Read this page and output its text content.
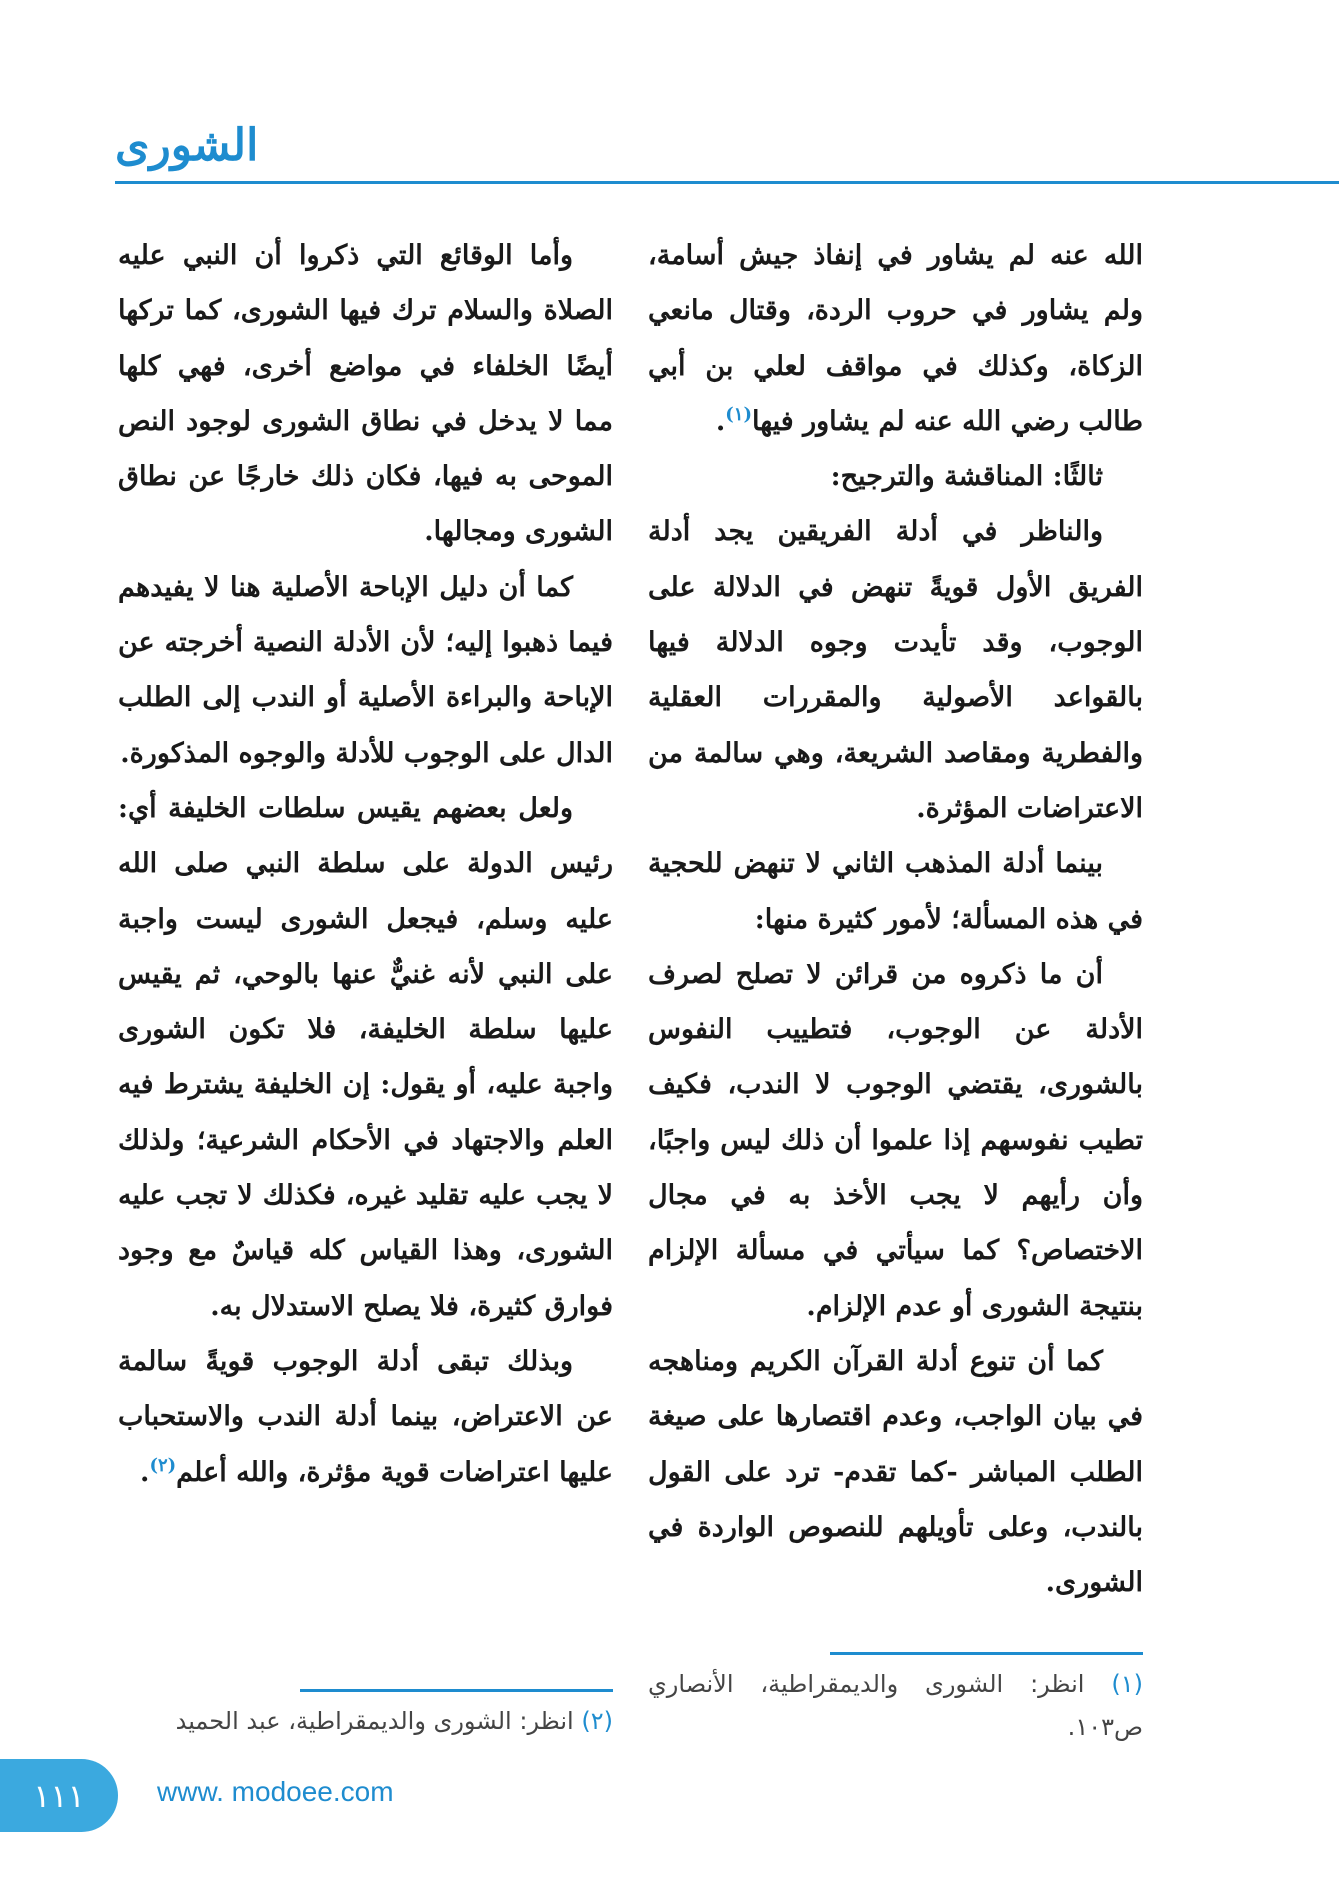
الشورى

الله عنه لم يشاور في إنفاذ جيش أسامة، ولم يشاور في حروب الردة، وقتال مانعي الزكاة، وكذلك في مواقف لعلي بن أبي طالب رضي الله عنه لم يشاور فيها$^{(١)}$.

ثالثًا: المناقشة والترجيح:

والناظر في أدلة الفريقين يجد أدلة الفريق الأول قويةً تنهض في الدلالة على الوجوب، وقد تأيدت وجوه الدلالة فيها بالقواعد الأصولية والمقررات العقلية والفطرية ومقاصد الشريعة، وهي سالمة من الاعتراضات المؤثرة.

بينما أدلة المذهب الثاني لا تنهض للحجية في هذه المسألة؛ لأمور كثيرة منها:

أن ما ذكروه من قرائن لا تصلح لصرف الأدلة عن الوجوب، فتطييب النفوس بالشورى، يقتضي الوجوب لا الندب، فكيف تطيب نفوسهم إذا علموا أن ذلك ليس واجبًا، وأن رأيهم لا يجب الأخذ به في مجال الاختصاص؟ كما سيأتي في مسألة الإلزام بنتيجة الشورى أو عدم الإلزام.

كما أن تنوع أدلة القرآن الكريم ومناهجه في بيان الواجب، وعدم اقتصارها على صيغة الطلب المباشر -كما تقدم- ترد على القول بالندب، وعلى تأويلهم للنصوص الواردة في الشورى.

وأما الوقائع التي ذكروا أن النبي عليه الصلاة والسلام ترك فيها الشورى، كما تركها أيضًا الخلفاء في مواضع أخرى، فهي كلها مما لا يدخل في نطاق الشورى لوجود النص الموحى به فيها، فكان ذلك خارجًا عن نطاق الشورى ومجالها.

كما أن دليل الإباحة الأصلية هنا لا يفيدهم فيما ذهبوا إليه؛ لأن الأدلة النصية أخرجته عن الإباحة والبراءة الأصلية أو الندب إلى الطلب الدال على الوجوب للأدلة والوجوه المذكورة.

ولعل بعضهم يقيس سلطات الخليفة أي: رئيس الدولة على سلطة النبي صلى الله عليه وسلم، فيجعل الشورى ليست واجبة على النبي لأنه غنيٌّ عنها بالوحي، ثم يقيس عليها سلطة الخليفة، فلا تكون الشورى واجبة عليه، أو يقول: إن الخليفة يشترط فيه العلم والاجتهاد في الأحكام الشرعية؛ ولذلك لا يجب عليه تقليد غيره، فكذلك لا تجب عليه الشورى، وهذا القياس كله قياسٌ مع وجود فوارق كثيرة، فلا يصلح الاستدلال به.

وبذلك تبقى أدلة الوجوب قويةً سالمة عن الاعتراض، بينما أدلة الندب والاستحباب عليها اعتراضات قوية مؤثرة، والله أعلم$^{(٢)}$.

(١) انظر: الشورى والديمقراطية، الأنصاري ص١٠٣.
(٢) انظر: الشورى والديمقراطية، عبد الحميد
١١١	www. modoee.com
